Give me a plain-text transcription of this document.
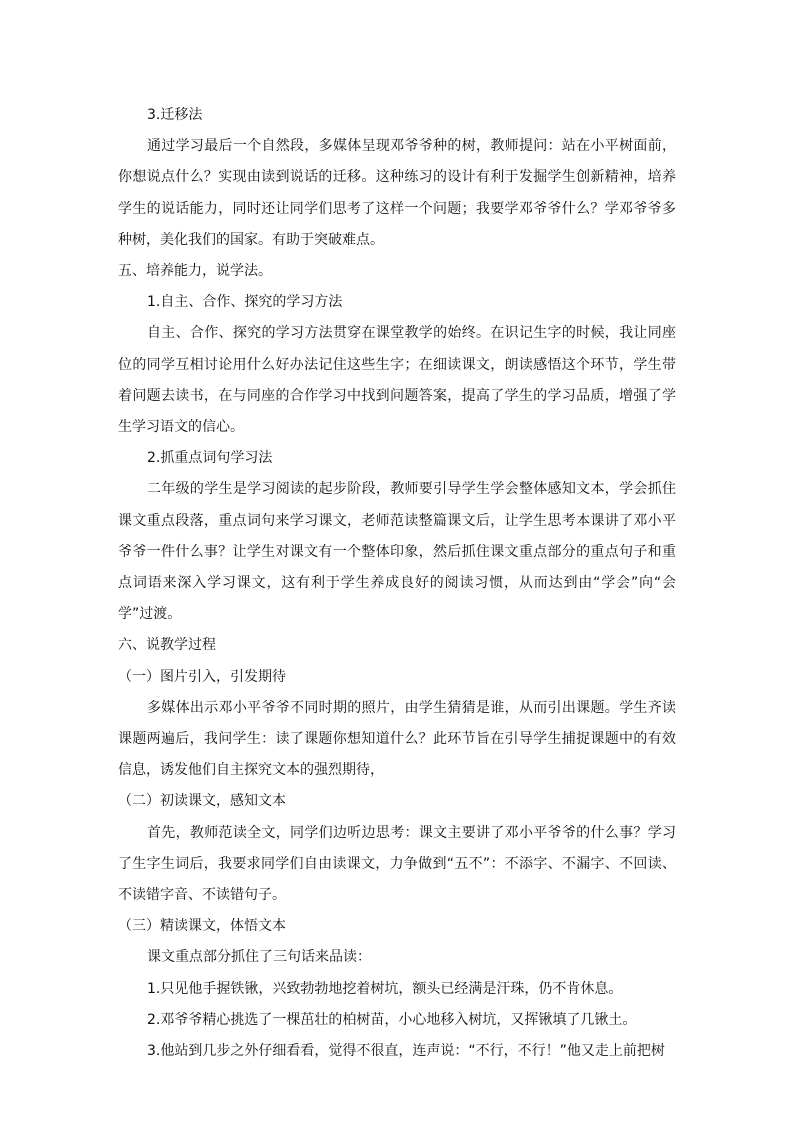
3.迁移法

通过学习最后一个自然段，多媒体呈现邓爷爷种的树，教师提问：站在小平树面前，你想说点什么？实现由读到说话的迁移。这种练习的设计有利于发掘学生创新精神，培养学生的说话能力，同时还让同学们思考了这样一个问题；我要学邓爷爷什么？学邓爷爷多种树，美化我们的国家。有助于突破难点。

五、培养能力，说学法。

1.自主、合作、探究的学习方法

自主、合作、探究的学习方法贯穿在课堂教学的始终。在识记生字的时候，我让同座位的同学互相讨论用什么好办法记住这些生字；在细读课文，朗读感悟这个环节，学生带着问题去读书，在与同座的合作学习中找到问题答案，提高了学生的学习品质，增强了学生学习语文的信心。

2.抓重点词句学习法

二年级的学生是学习阅读的起步阶段，教师要引导学生学会整体感知文本，学会抓住课文重点段落，重点词句来学习课文，老师范读整篇课文后，让学生思考本课讲了邓小平爷爷一件什么事？让学生对课文有一个整体印象，然后抓住课文重点部分的重点句子和重点词语来深入学习课文，这有利于学生养成良好的阅读习惯，从而达到由“学会”向“会学”过渡。

六、说教学过程

（一）图片引入，引发期待

多媒体出示邓小平爷爷不同时期的照片，由学生猜猜是谁，从而引出课题。学生齐读课题两遍后，我问学生：读了课题你想知道什么？此环节旨在引导学生捕捉课题中的有效信息，诱发他们自主探究文本的强烈期待，

（二）初读课文，感知文本

首先，教师范读全文，同学们边听边思考：课文主要讲了邓小平爷爷的什么事？学习了生字生词后，我要求同学们自由读课文，力争做到“五不”：不添字、不漏字、不回读、不读错字音、不读错句子。

（三）精读课文，体悟文本

课文重点部分抓住了三句话来品读：

1.只见他手握铁锹，兴致勃勃地挖着树坑，额头已经满是汗珠，仍不肯休息。

2.邓爷爷精心挑选了一棵茁壮的柏树苗，小心地移入树坑，又挥锹填了几锹土。

3.他站到几步之外仔细看看，觉得不很直，连声说：“不行，不行！”他又走上前把树
